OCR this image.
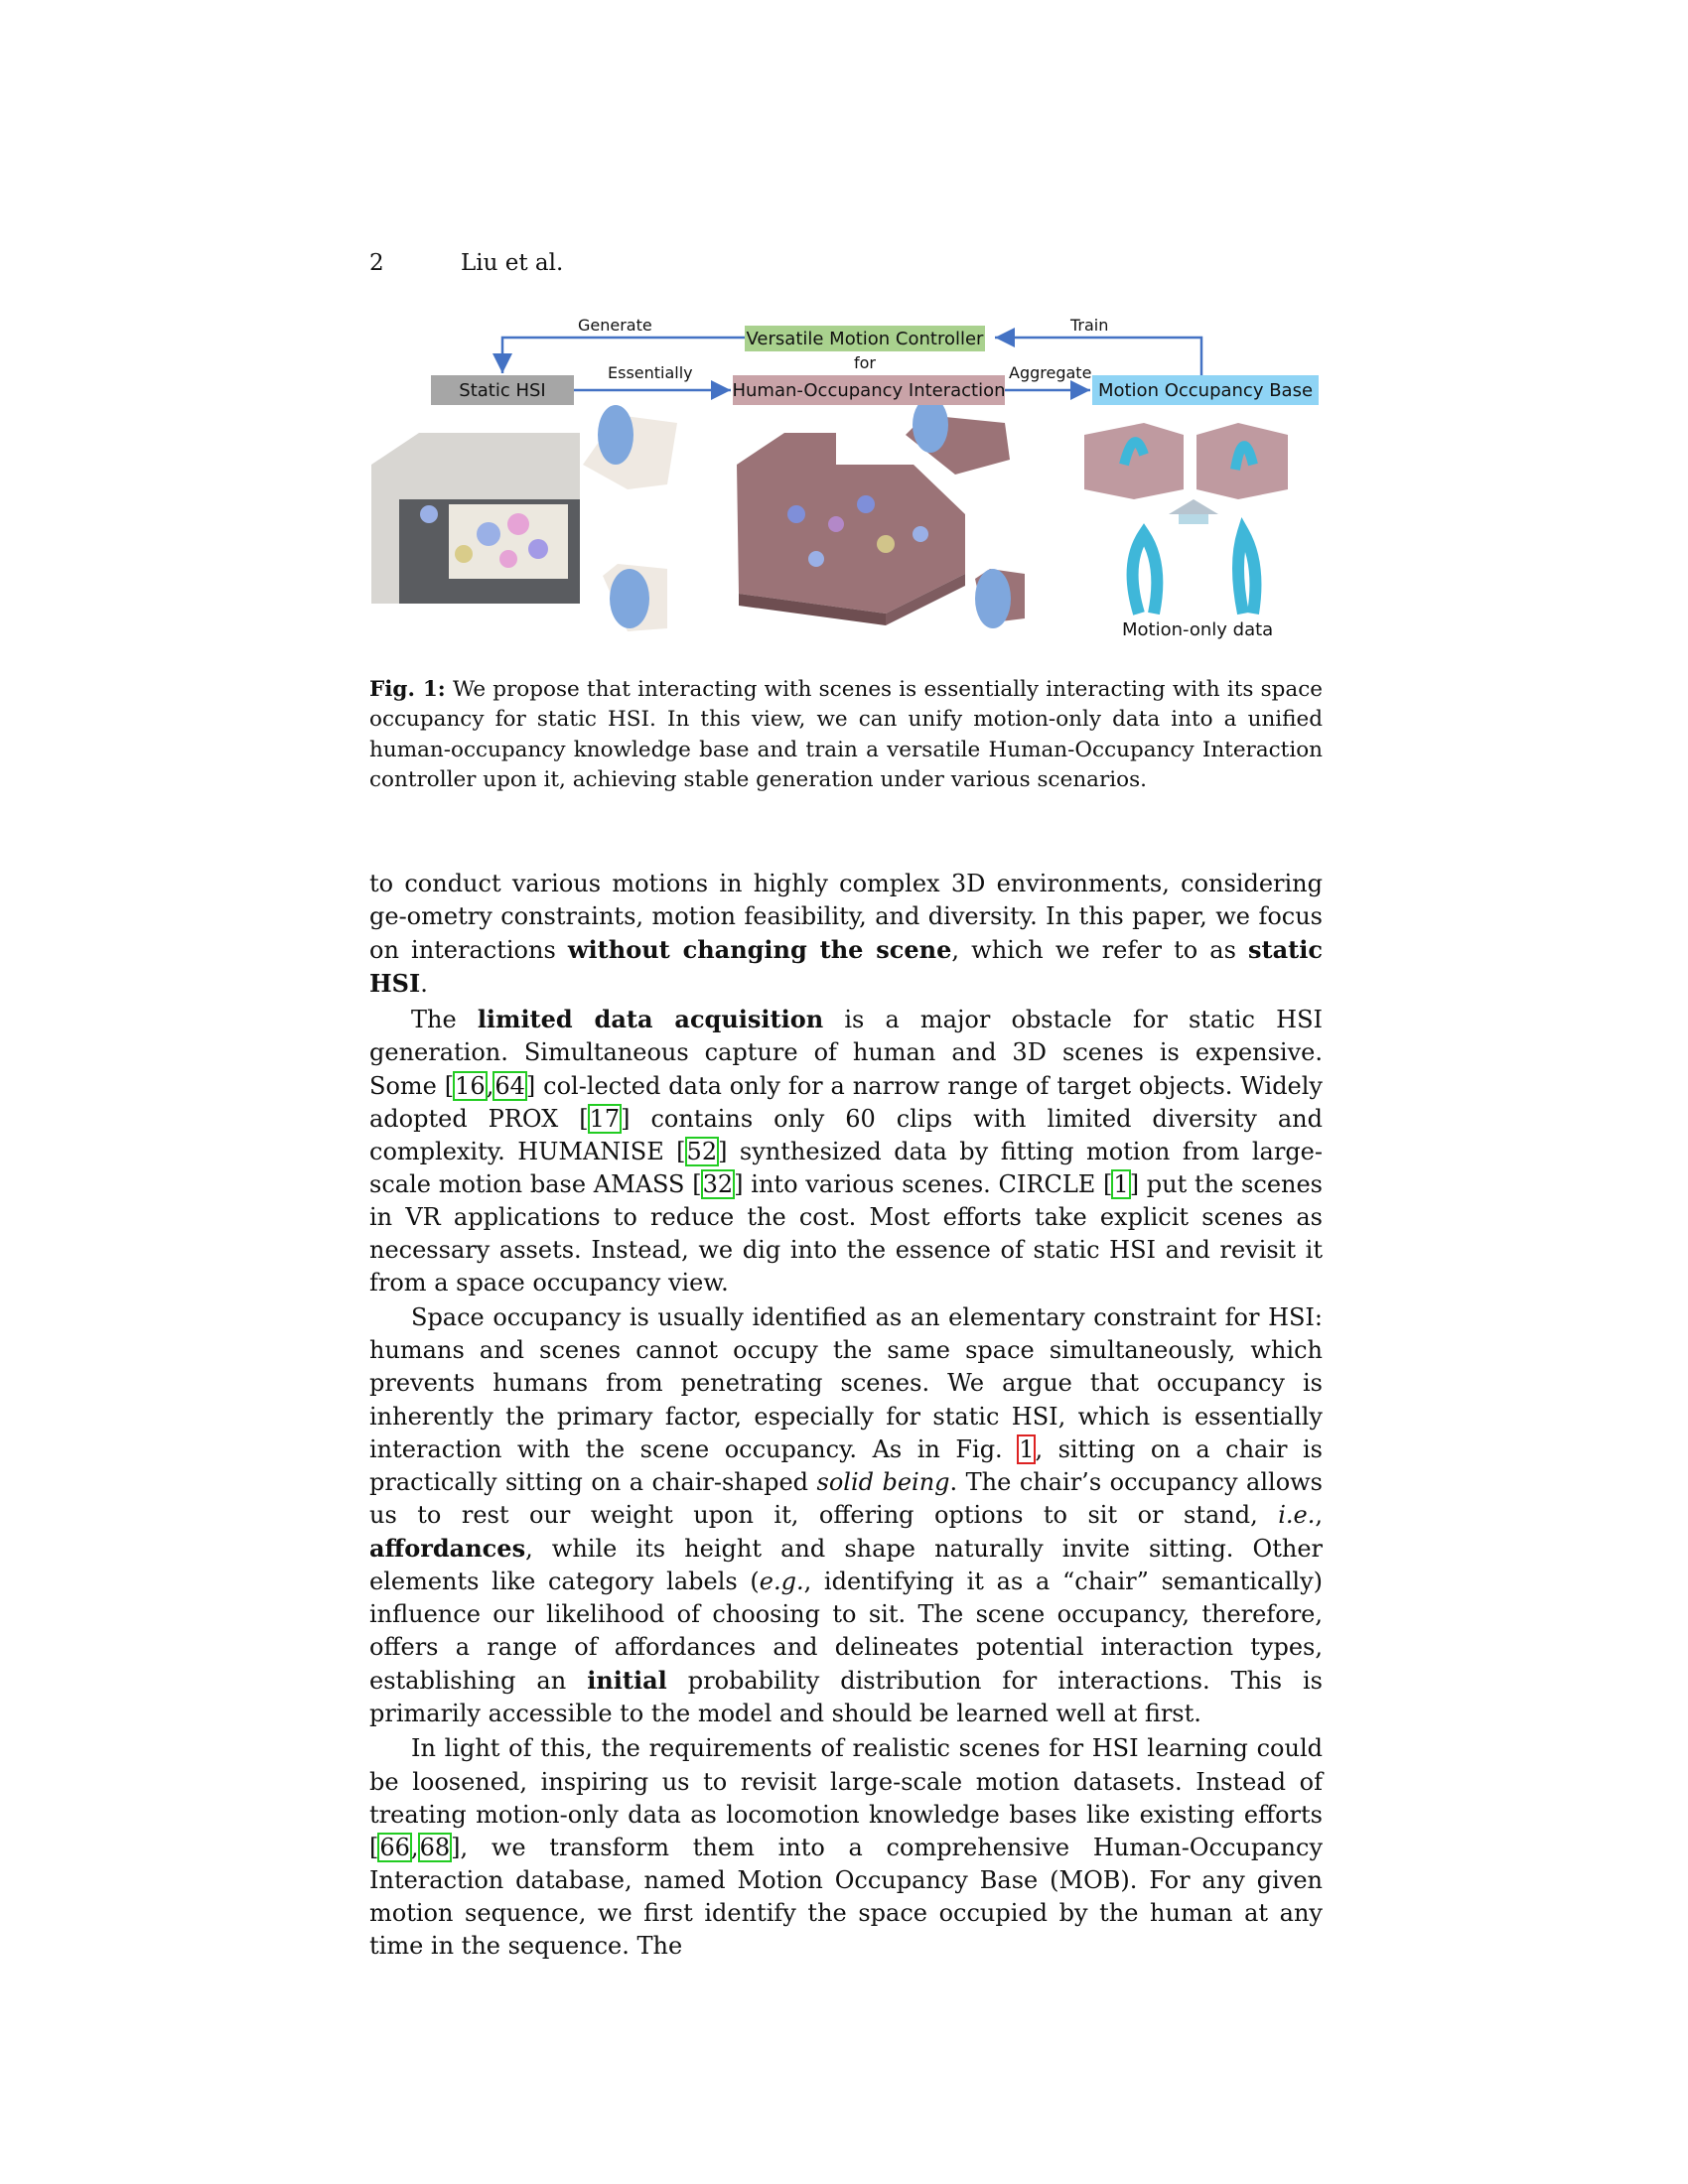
2	Liu et al.
Generate	Train
Essentially	Aggregate
Versatile Motion Controller
for
Static HSI	Human-Occupancy Interaction	Motion Occupancy Base
Motion-only data
Fig. 1: We propose that interacting with scenes is essentially interacting with its space occupancy for static HSI. In this view, we can unify motion-only data into a unified human-occupancy knowledge base and train a versatile Human-Occupancy Interaction controller upon it, achieving stable generation under various scenarios.

to conduct various motions in highly complex 3D environments, considering ge-ometry constraints, motion feasibility, and diversity. In this paper, we focus on interactions without changing the scene, which we refer to as static HSI.

The limited data acquisition is a major obstacle for static HSI generation. Simultaneous capture of human and 3D scenes is expensive. Some [16,64] col-lected data only for a narrow range of target objects. Widely adopted PROX [17] contains only 60 clips with limited diversity and complexity. HUMANISE [52] synthesized data by fitting motion from large-scale motion base AMASS [32] into various scenes. CIRCLE [1] put the scenes in VR applications to reduce the cost. Most efforts take explicit scenes as necessary assets. Instead, we dig into the essence of static HSI and revisit it from a space occupancy view.

Space occupancy is usually identified as an elementary constraint for HSI: humans and scenes cannot occupy the same space simultaneously, which prevents humans from penetrating scenes. We argue that occupancy is inherently the primary factor, especially for static HSI, which is essentially interaction with the scene occupancy. As in Fig. 1, sitting on a chair is practically sitting on a chair-shaped solid being. The chair’s occupancy allows us to rest our weight upon it, offering options to sit or stand, i.e., affordances, while its height and shape naturally invite sitting. Other elements like category labels (e.g., identifying it as a “chair” semantically) influence our likelihood of choosing to sit. The scene occupancy, therefore, offers a range of affordances and delineates potential interaction types, establishing an initial probability distribution for interactions. This is primarily accessible to the model and should be learned well at first.

In light of this, the requirements of realistic scenes for HSI learning could be loosened, inspiring us to revisit large-scale motion datasets. Instead of treating motion-only data as locomotion knowledge bases like existing efforts [66,68], we transform them into a comprehensive Human-Occupancy Interaction database, named Motion Occupancy Base (MOB). For any given motion sequence, we first identify the space occupied by the human at any time in the sequence. The
